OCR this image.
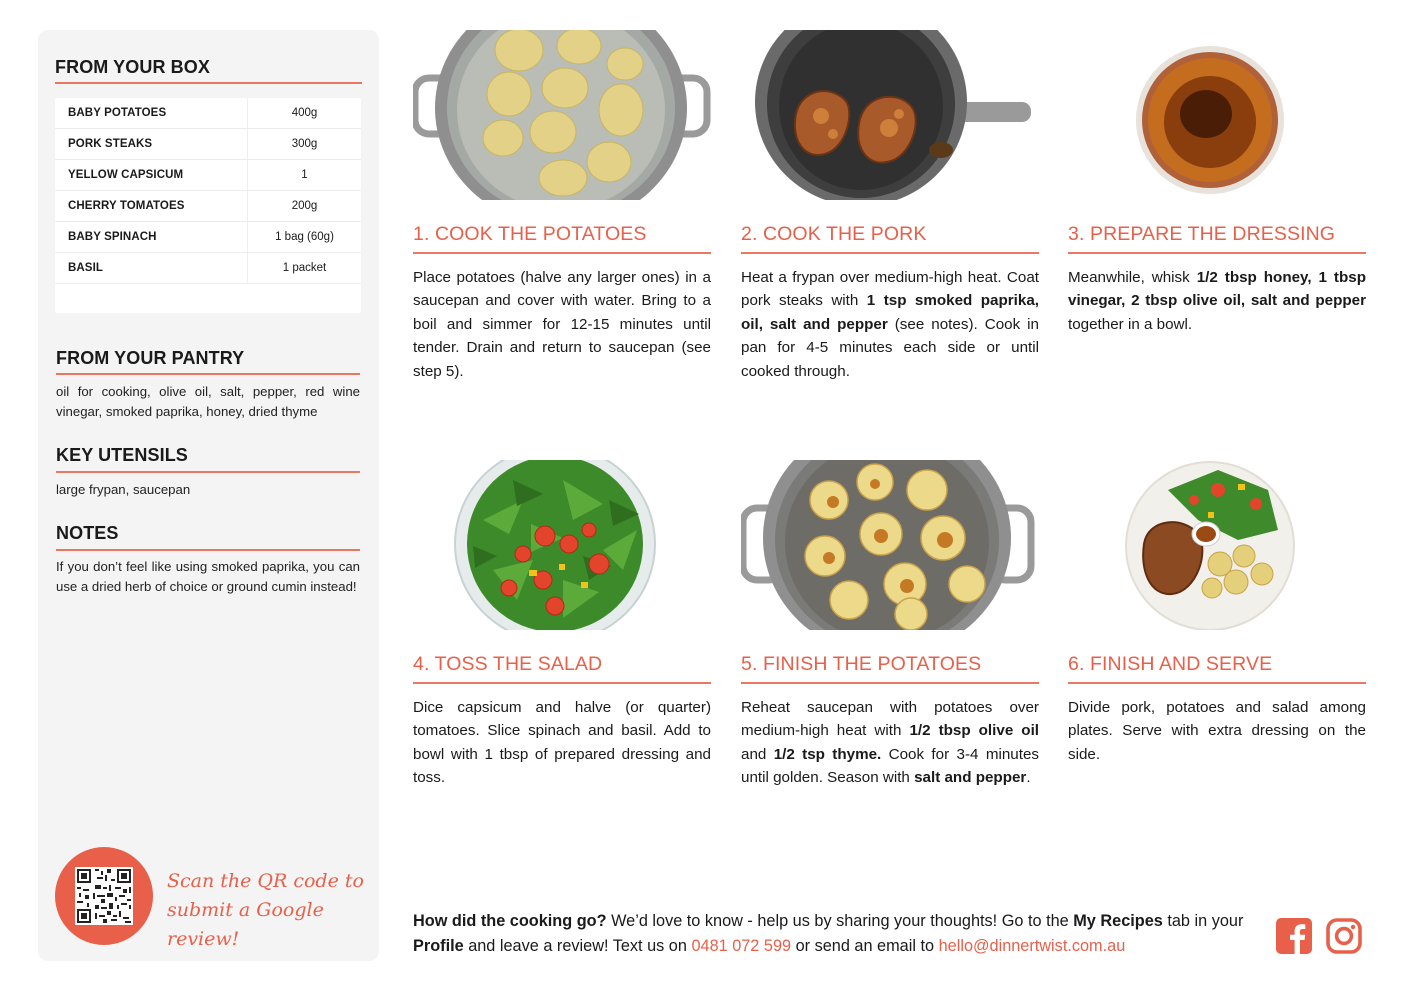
FROM YOUR BOX
BABY POTATOES	400g
PORK STEAKS	300g
YELLOW CAPSICUM	1
CHERRY TOMATOES	200g
BABY SPINACH	1 bag (60g)
BASIL	1 packet
FROM YOUR PANTRY
oil for cooking, olive oil, salt, pepper, red wine vinegar, smoked paprika, honey, dried thyme
KEY UTENSILS
large frypan, saucepan
NOTES
If you don’t feel like using smoked paprika, you can use a dried herb of choice or ground cumin instead!
Scan the QR code to
submit a Google review!
1. COOK THE POTATOES
Place potatoes (halve any larger ones) in a saucepan and cover with water. Bring to a boil and simmer for 12-15 minutes until tender. Drain and return to saucepan (see step 5).
2. COOK THE PORK
Heat a frypan over medium-high heat. Coat pork steaks with 1 tsp smoked paprika, oil, salt and pepper (see notes). Cook in pan for 4-5 minutes each side or until cooked through.
3. PREPARE THE DRESSING
Meanwhile, whisk 1/2 tbsp honey, 1 tbsp vinegar, 2 tbsp olive oil, salt and pepper together in a bowl.
4. TOSS THE SALAD
Dice capsicum and halve (or quarter) tomatoes. Slice spinach and basil. Add to bowl with 1 tbsp of prepared dressing and toss.
5. FINISH THE POTATOES
Reheat saucepan with potatoes over medium-high heat with 1/2 tbsp olive oil and 1/2 tsp thyme. Cook for 3-4 minutes until golden. Season with salt and pepper.
6. FINISH AND SERVE
Divide pork, potatoes and salad among plates. Serve with extra dressing on the side.
How did the cooking go? We’d love to know - help us by sharing your thoughts! Go to the My Recipes tab in your Profile and leave a review! Text us on 0481 072 599 or send an email to hello@dinnertwist.com.au
